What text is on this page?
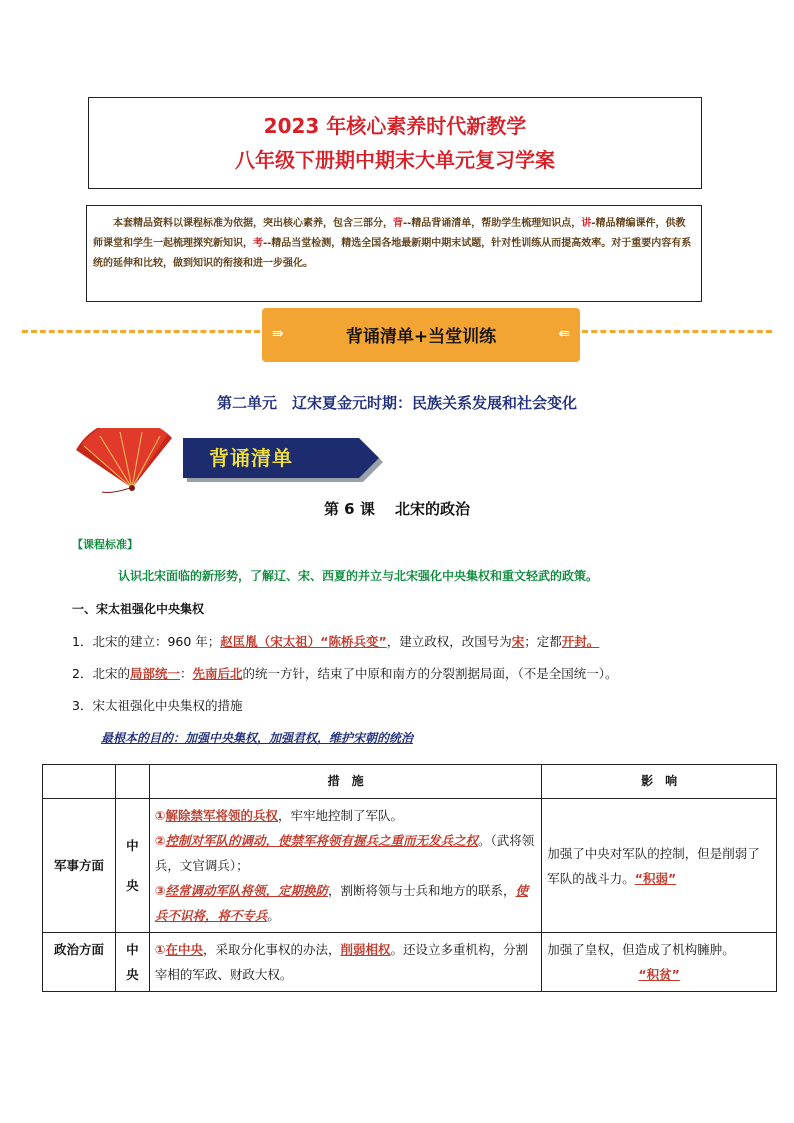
2023 年核心素养时代新教学
八年级下册期中期末大单元复习学案
本套精品资料以课程标准为依据，突出核心素养，包含三部分，背--精品背诵清单，帮助学生梳理知识点，讲-精品精编课件，供教师课堂和学生一起梳理探究新知识，考--精品当堂检测，精选全国各地最新期中期末试题，针对性训练从而提高效率。对于重要内容有系统的延伸和比较，做到知识的衔接和进一步强化。
⇛	背诵清单+当堂训练	⇚
第二单元　辽宋夏金元时期：民族关系发展和社会变化
背诵清单
第 6 课　 北宋的政治
【课程标准】
认识北宋面临的新形势，了解辽、宋、西夏的并立与北宋强化中央集权和重文轻武的政策。
一、宋太祖强化中央集权
1．北宋的建立：960 年；赵匡胤（宋太祖）“陈桥兵变”，建立政权，改国号为宋；定都开封。
2．北宋的局部统一：先南后北的统一方针，结束了中原和南方的分裂割据局面，（不是全国统一）。
3．宋太祖强化中央集权的措施
最根本的目的：加强中央集权，加强君权，维护宋朝的统治
		措　施	影　响
军事方面	中央	①解除禁军将领的兵权，牢牢地控制了军队。
②控制对军队的调动，使禁军将领有握兵之重而无发兵之权。（武将领兵，文官调兵）；
③经常调动军队将领，定期换防，割断将领与士兵和地方的联系，使兵不识将，将不专兵。	加强了中央对军队的控制，但是削弱了军队的战斗力。“积弱”
政治方面	中央	①在中央，采取分化事权的办法，削弱相权。还设立多重机构，分割宰相的军政、财政大权。	加强了皇权，但造成了机构臃肿。
“积贫”
